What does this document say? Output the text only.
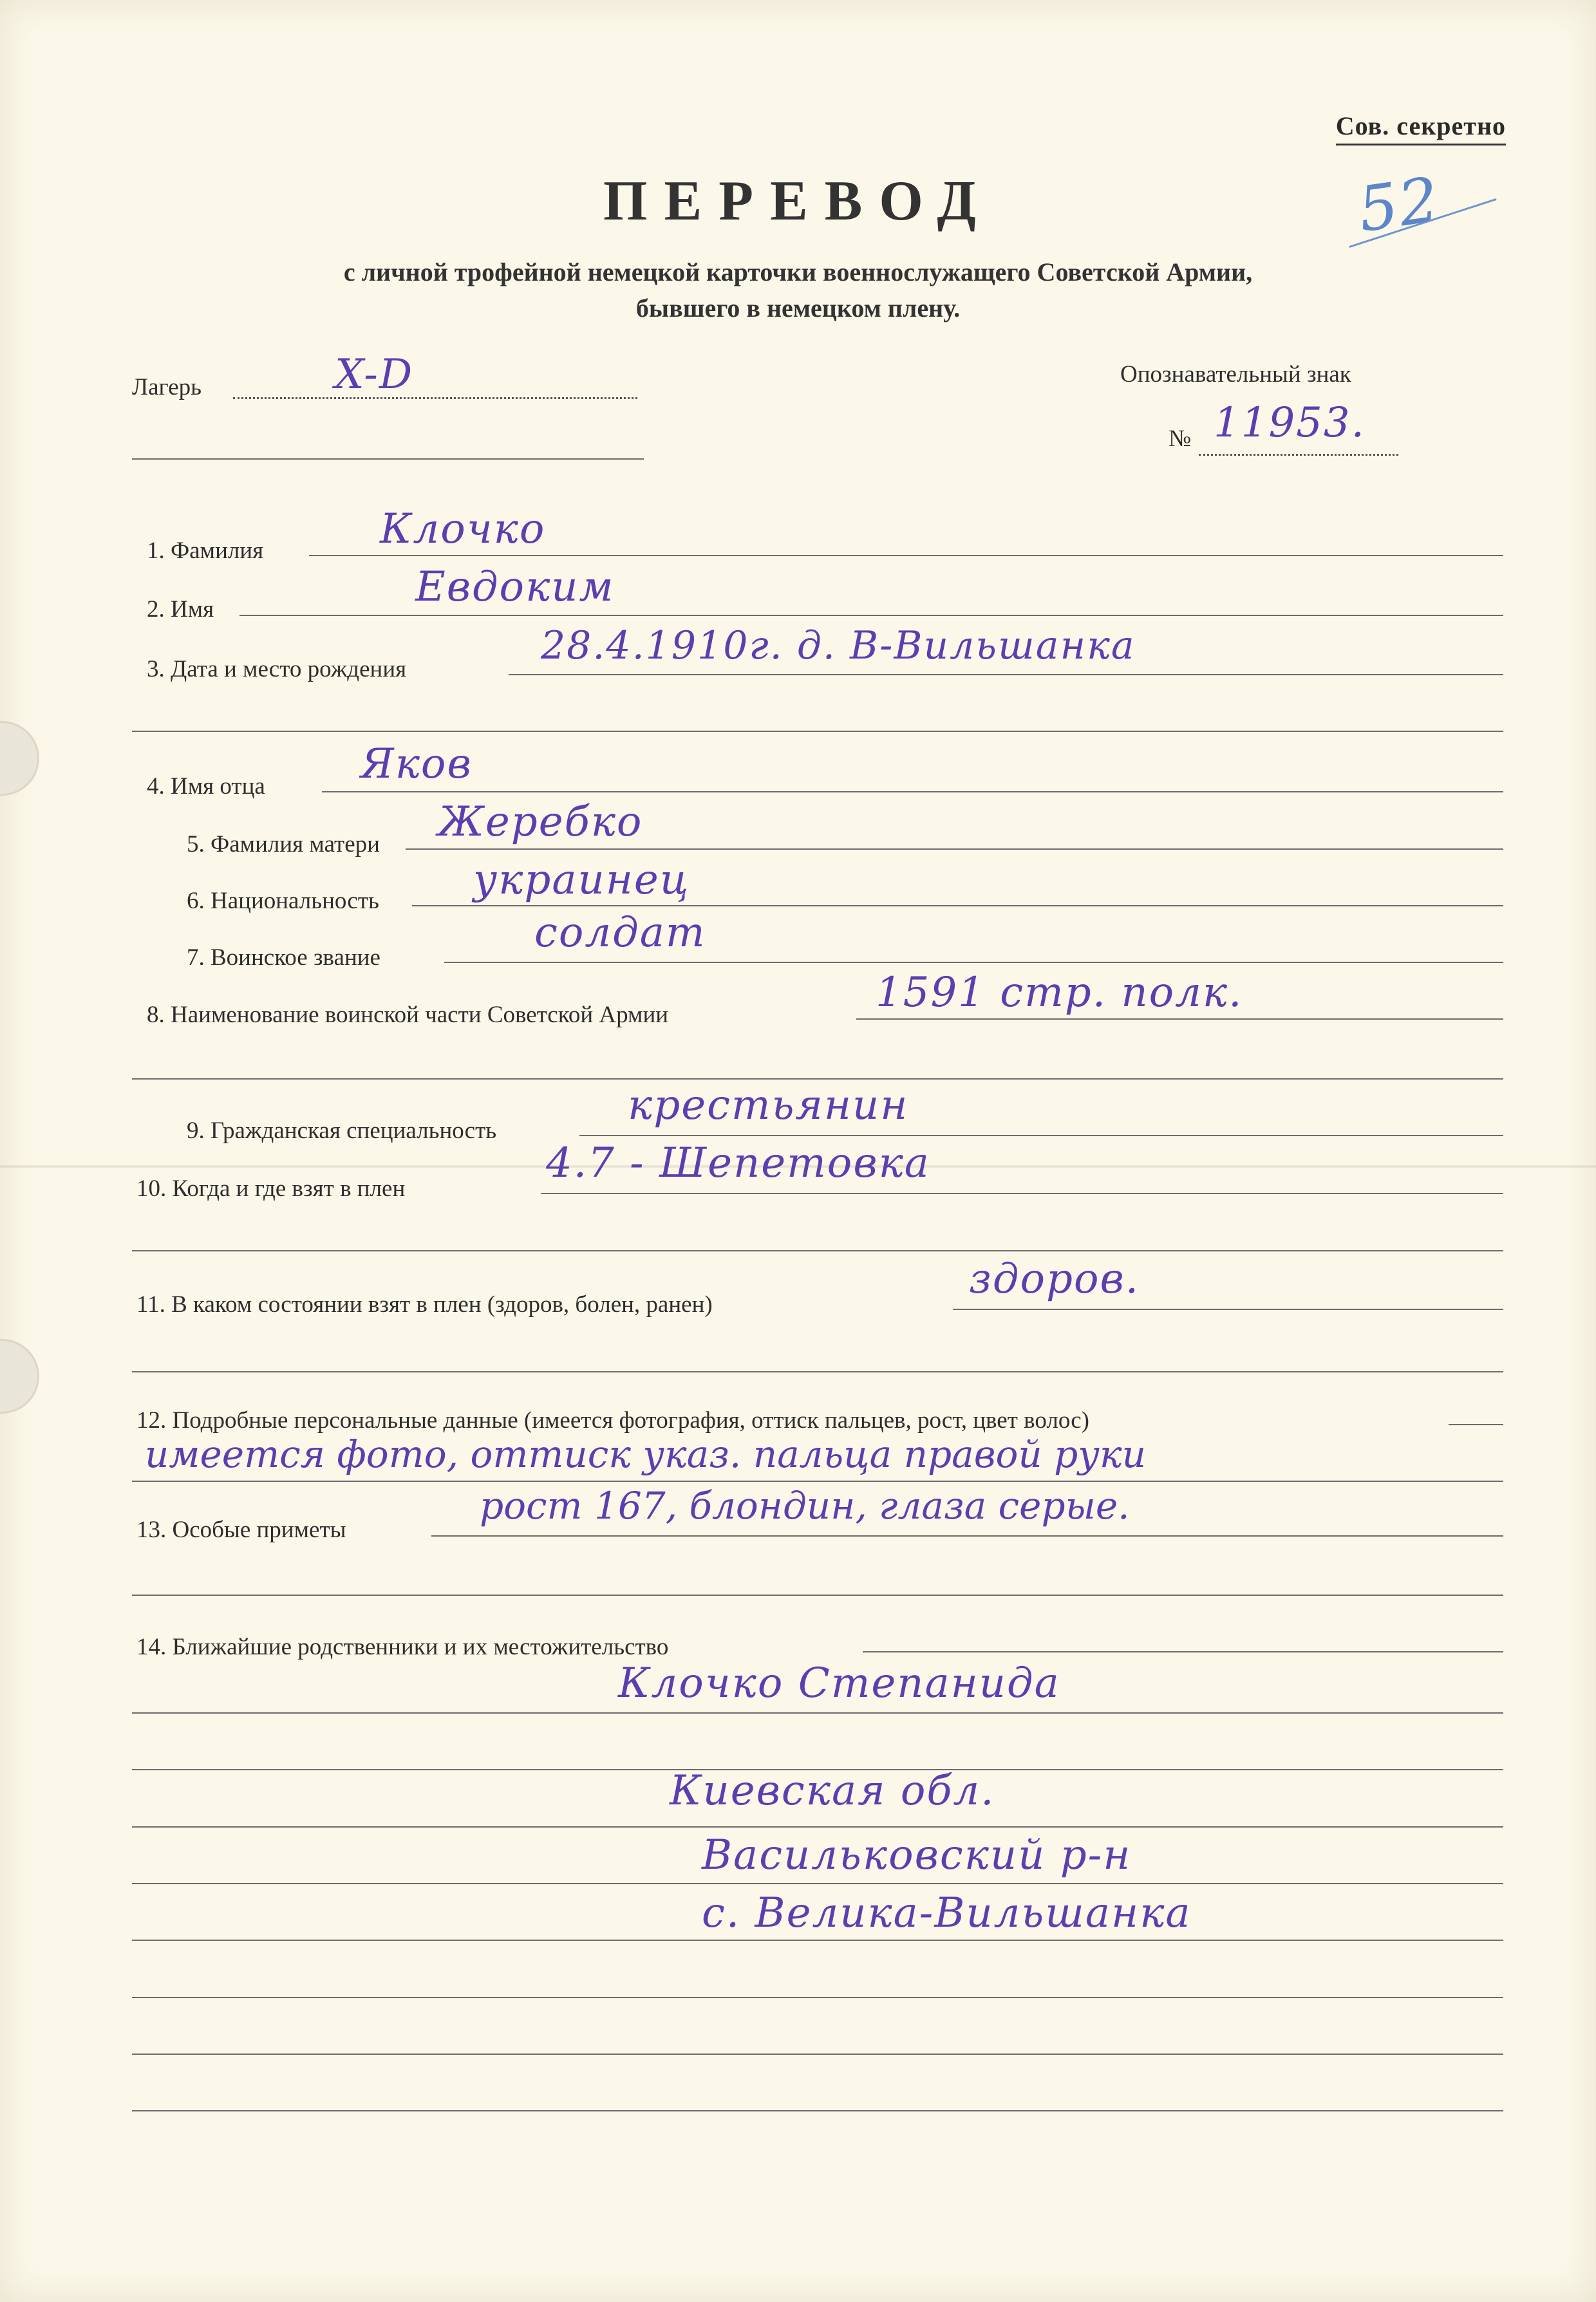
Сов. секретно
52
ПЕРЕВОД
с личной трофейной немецкой карточки военнослужащего Советской Армии,
бывшего в немецком плену.
Лагерь	X-D	Опознавательный знак
№ 11953.
1. Фамилия	Клочко
2. Имя	Евдоким
3. Дата и место рождения
28.4.1910г. д. В-Вильшанка
4. Имя отца Яков
5. Фамилия матери Жеребко
6. Национальность украинец
7. Воинское звание
солдат
8. Наименование воинской части Советской Армии	1591 стр. полк.
9. Гражданская специальность
крестьянин
10. Когда и где взят в плен
4.7 - Шепетовка
11. В каком состоянии взят в плен (здоров, болен, ранен)
здоров.
12. Подробные персональные данные (имеется фотография, оттиск пальцев, рост, цвет волос)
имеется фото, оттиск указ. пальца правой руки
13. Особые приметы
рост 167, блондин, глаза серые.
14. Ближайшие родственники и их местожительство
Клочко Степанида
Киевская обл.
Васильковский р-н
с. Велика-Вильшанка
